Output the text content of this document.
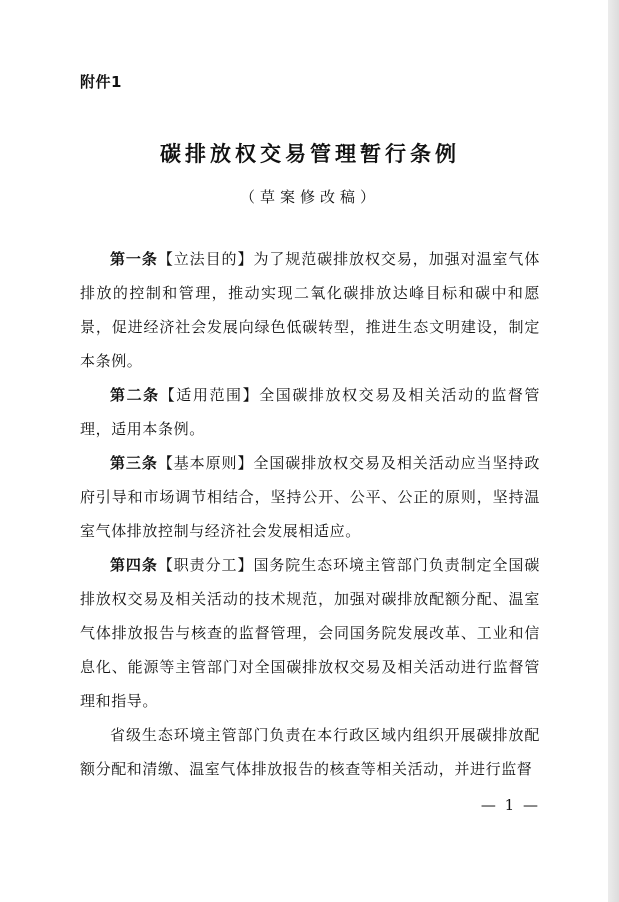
附件1
碳排放权交易管理暂行条例
（草案修改稿）

第一条【立法目的】为了规范碳排放权交易，加强对温室气体排放的控制和管理，推动实现二氧化碳排放达峰目标和碳中和愿景，促进经济社会发展向绿色低碳转型，推进生态文明建设，制定本条例。

第二条【适用范围】全国碳排放权交易及相关活动的监督管理，适用本条例。

第三条【基本原则】全国碳排放权交易及相关活动应当坚持政府引导和市场调节相结合，坚持公开、公平、公正的原则，坚持温室气体排放控制与经济社会发展相适应。

第四条【职责分工】国务院生态环境主管部门负责制定全国碳排放权交易及相关活动的技术规范，加强对碳排放配额分配、温室气体排放报告与核查的监督管理，会同国务院发展改革、工业和信息化、能源等主管部门对全国碳排放权交易及相关活动进行监督管理和指导。

省级生态环境主管部门负责在本行政区域内组织开展碳排放配额分配和清缴、温室气体排放报告的核查等相关活动，并进行监督

— 1 —
